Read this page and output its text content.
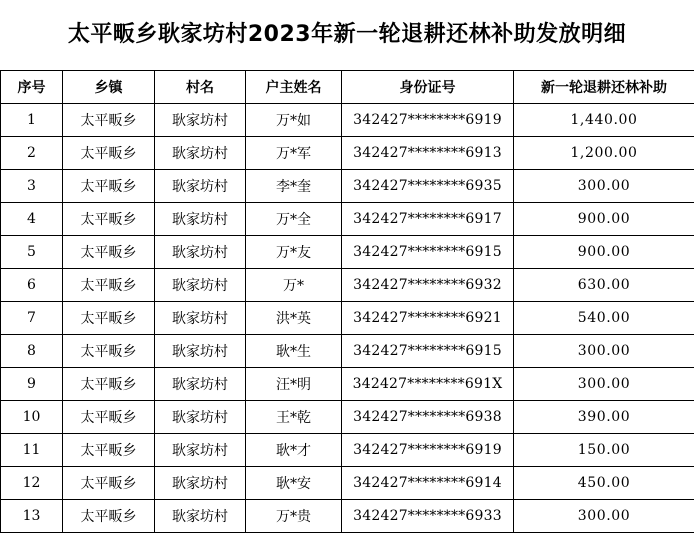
太平畈乡耿家坊村2023年新一轮退耕还林补助发放明细
序号	乡镇	村名	户主姓名	身份证号	新一轮退耕还林补助
1	太平畈乡	耿家坊村	万*如	342427********6919	1,440.00
2	太平畈乡	耿家坊村	万*军	342427********6913	1,200.00
3	太平畈乡	耿家坊村	李*奎	342427********6935	300.00
4	太平畈乡	耿家坊村	万*全	342427********6917	900.00
5	太平畈乡	耿家坊村	万*友	342427********6915	900.00
6	太平畈乡	耿家坊村	万*	342427********6932	630.00
7	太平畈乡	耿家坊村	洪*英	342427********6921	540.00
8	太平畈乡	耿家坊村	耿*生	342427********6915	300.00
9	太平畈乡	耿家坊村	汪*明	342427********691X	300.00
10	太平畈乡	耿家坊村	王*乾	342427********6938	390.00
11	太平畈乡	耿家坊村	耿*才	342427********6919	150.00
12	太平畈乡	耿家坊村	耿*安	342427********6914	450.00
13	太平畈乡	耿家坊村	万*贵	342427********6933	300.00
